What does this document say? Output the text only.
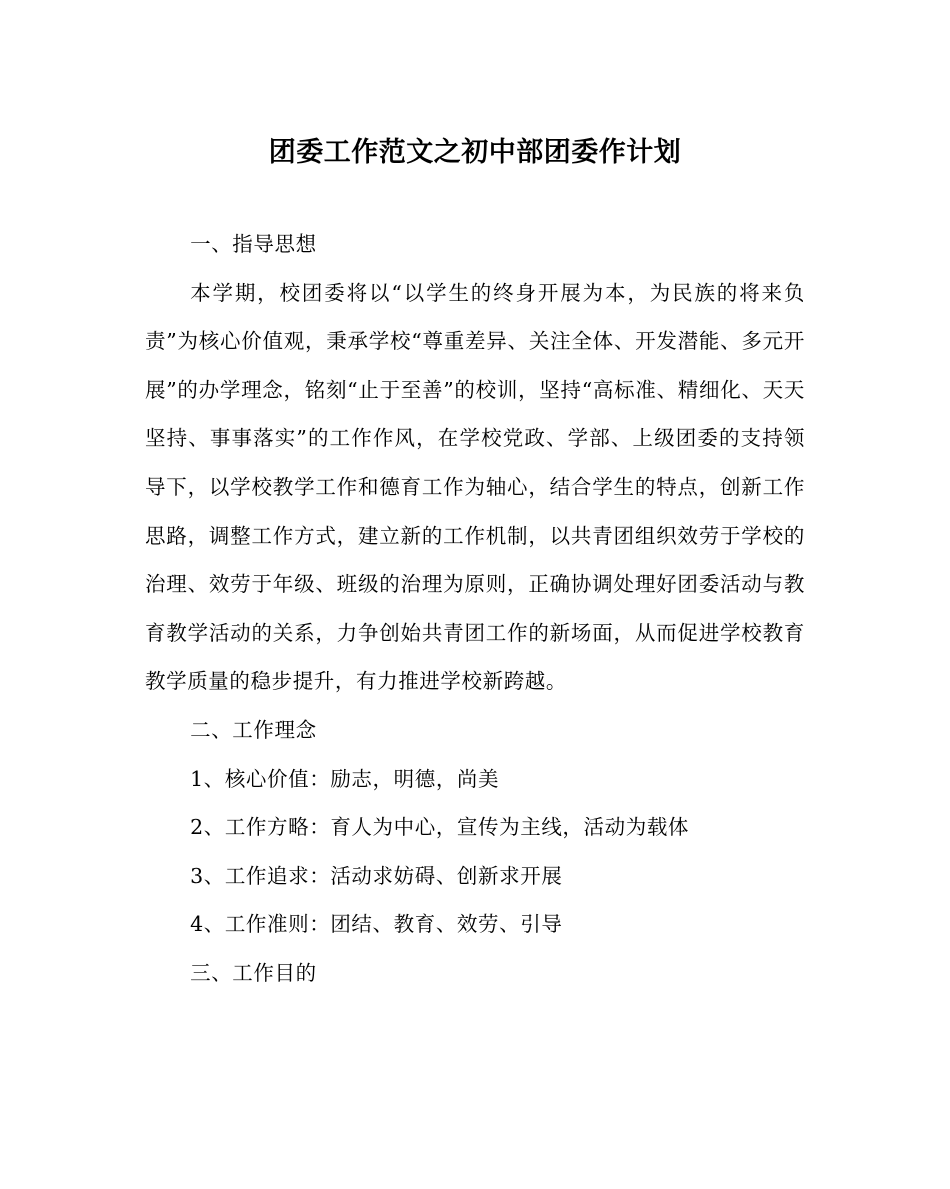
团委工作范文之初中部团委作计划

一、指导思想

本学期，校团委将以“以学生的终身开展为本，为民族的将来负责”为核心价值观，秉承学校“尊重差异、关注全体、开发潜能、多元开展”的办学理念，铭刻“止于至善”的校训，坚持“高标准、精细化、天天坚持、事事落实”的工作作风，在学校党政、学部、上级团委的支持领导下，以学校教学工作和德育工作为轴心，结合学生的特点，创新工作思路，调整工作方式，建立新的工作机制，以共青团组织效劳于学校的治理、效劳于年级、班级的治理为原则，正确协调处理好团委活动与教育教学活动的关系，力争创始共青团工作的新场面，从而促进学校教育教学质量的稳步提升，有力推进学校新跨越。

二、工作理念

1、核心价值：励志，明德，尚美

2、工作方略：育人为中心，宣传为主线，活动为载体

3、工作追求：活动求妨碍、创新求开展

4、工作准则：团结、教育、效劳、引导

三、工作目的
